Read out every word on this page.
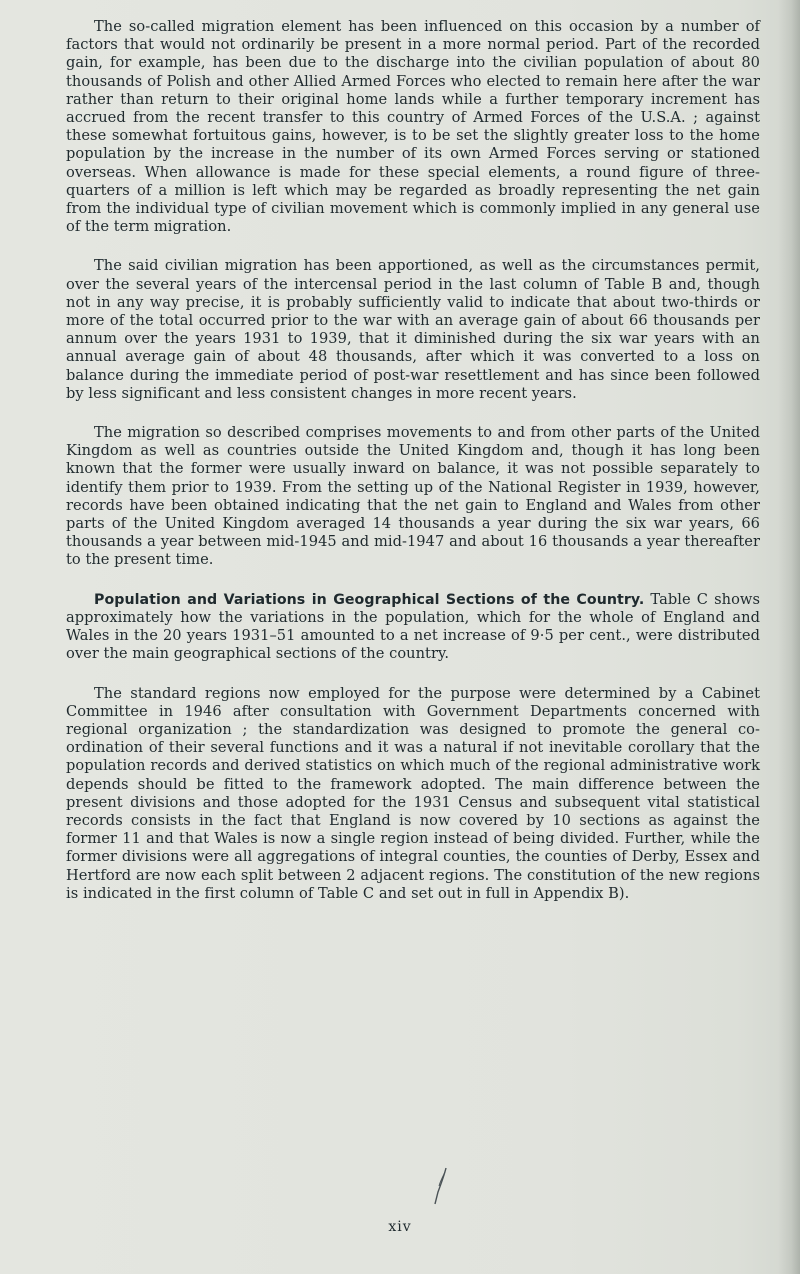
The so-called migration element has been influenced on this occasion by a number of factors that would not ordinarily be present in a more normal period. Part of the recorded gain, for example, has been due to the discharge into the civilian population of about 80 thousands of Polish and other Allied Armed Forces who elected to remain here after the war rather than return to their original home lands while a further temporary increment has accrued from the recent transfer to this country of Armed Forces of the U.S.A. ; against these somewhat fortuitous gains, however, is to be set the slightly greater loss to the home population by the increase in the number of its own Armed Forces serving or stationed overseas. When allowance is made for these special elements, a round figure of three-quarters of a million is left which may be regarded as broadly representing the net gain from the individual type of civilian movement which is commonly implied in any general use of the term migration.

The said civilian migration has been apportioned, as well as the circumstances permit, over the several years of the intercensal period in the last column of Table B and, though not in any way precise, it is probably sufficiently valid to indicate that about two-thirds or more of the total occurred prior to the war with an average gain of about 66 thousands per annum over the years 1931 to 1939, that it diminished during the six war years with an annual average gain of about 48 thousands, after which it was converted to a loss on balance during the immediate period of post-war resettlement and has since been followed by less significant and less consistent changes in more recent years.

The migration so described comprises movements to and from other parts of the United Kingdom as well as countries outside the United Kingdom and, though it has long been known that the former were usually inward on balance, it was not possible separately to identify them prior to 1939. From the setting up of the National Register in 1939, however, records have been obtained indicating that the net gain to England and Wales from other parts of the United Kingdom averaged 14 thousands a year during the six war years, 66 thousands a year between mid-1945 and mid-1947 and about 16 thousands a year thereafter to the present time.

Population and Variations in Geographical Sections of the Country. Table C shows approximately how the variations in the population, which for the whole of England and Wales in the 20 years 1931–51 amounted to a net increase of 9·5 per cent., were distributed over the main geographical sections of the country.

The standard regions now employed for the purpose were determined by a Cabinet Committee in 1946 after consultation with Government Departments concerned with regional organization ; the standardization was designed to promote the general co-ordination of their several functions and it was a natural if not inevitable corollary that the population records and derived statistics on which much of the regional administrative work depends should be fitted to the framework adopted. The main difference between the present divisions and those adopted for the 1931 Census and subsequent vital statistical records consists in the fact that England is now covered by 10 sections as against the former 11 and that Wales is now a single region instead of being divided. Further, while the former divisions were all aggregations of integral counties, the counties of Derby, Essex and Hertford are now each split between 2 adjacent regions. The constitution of the new regions is indicated in the first column of Table C and set out in full in Appendix B).

xiv
